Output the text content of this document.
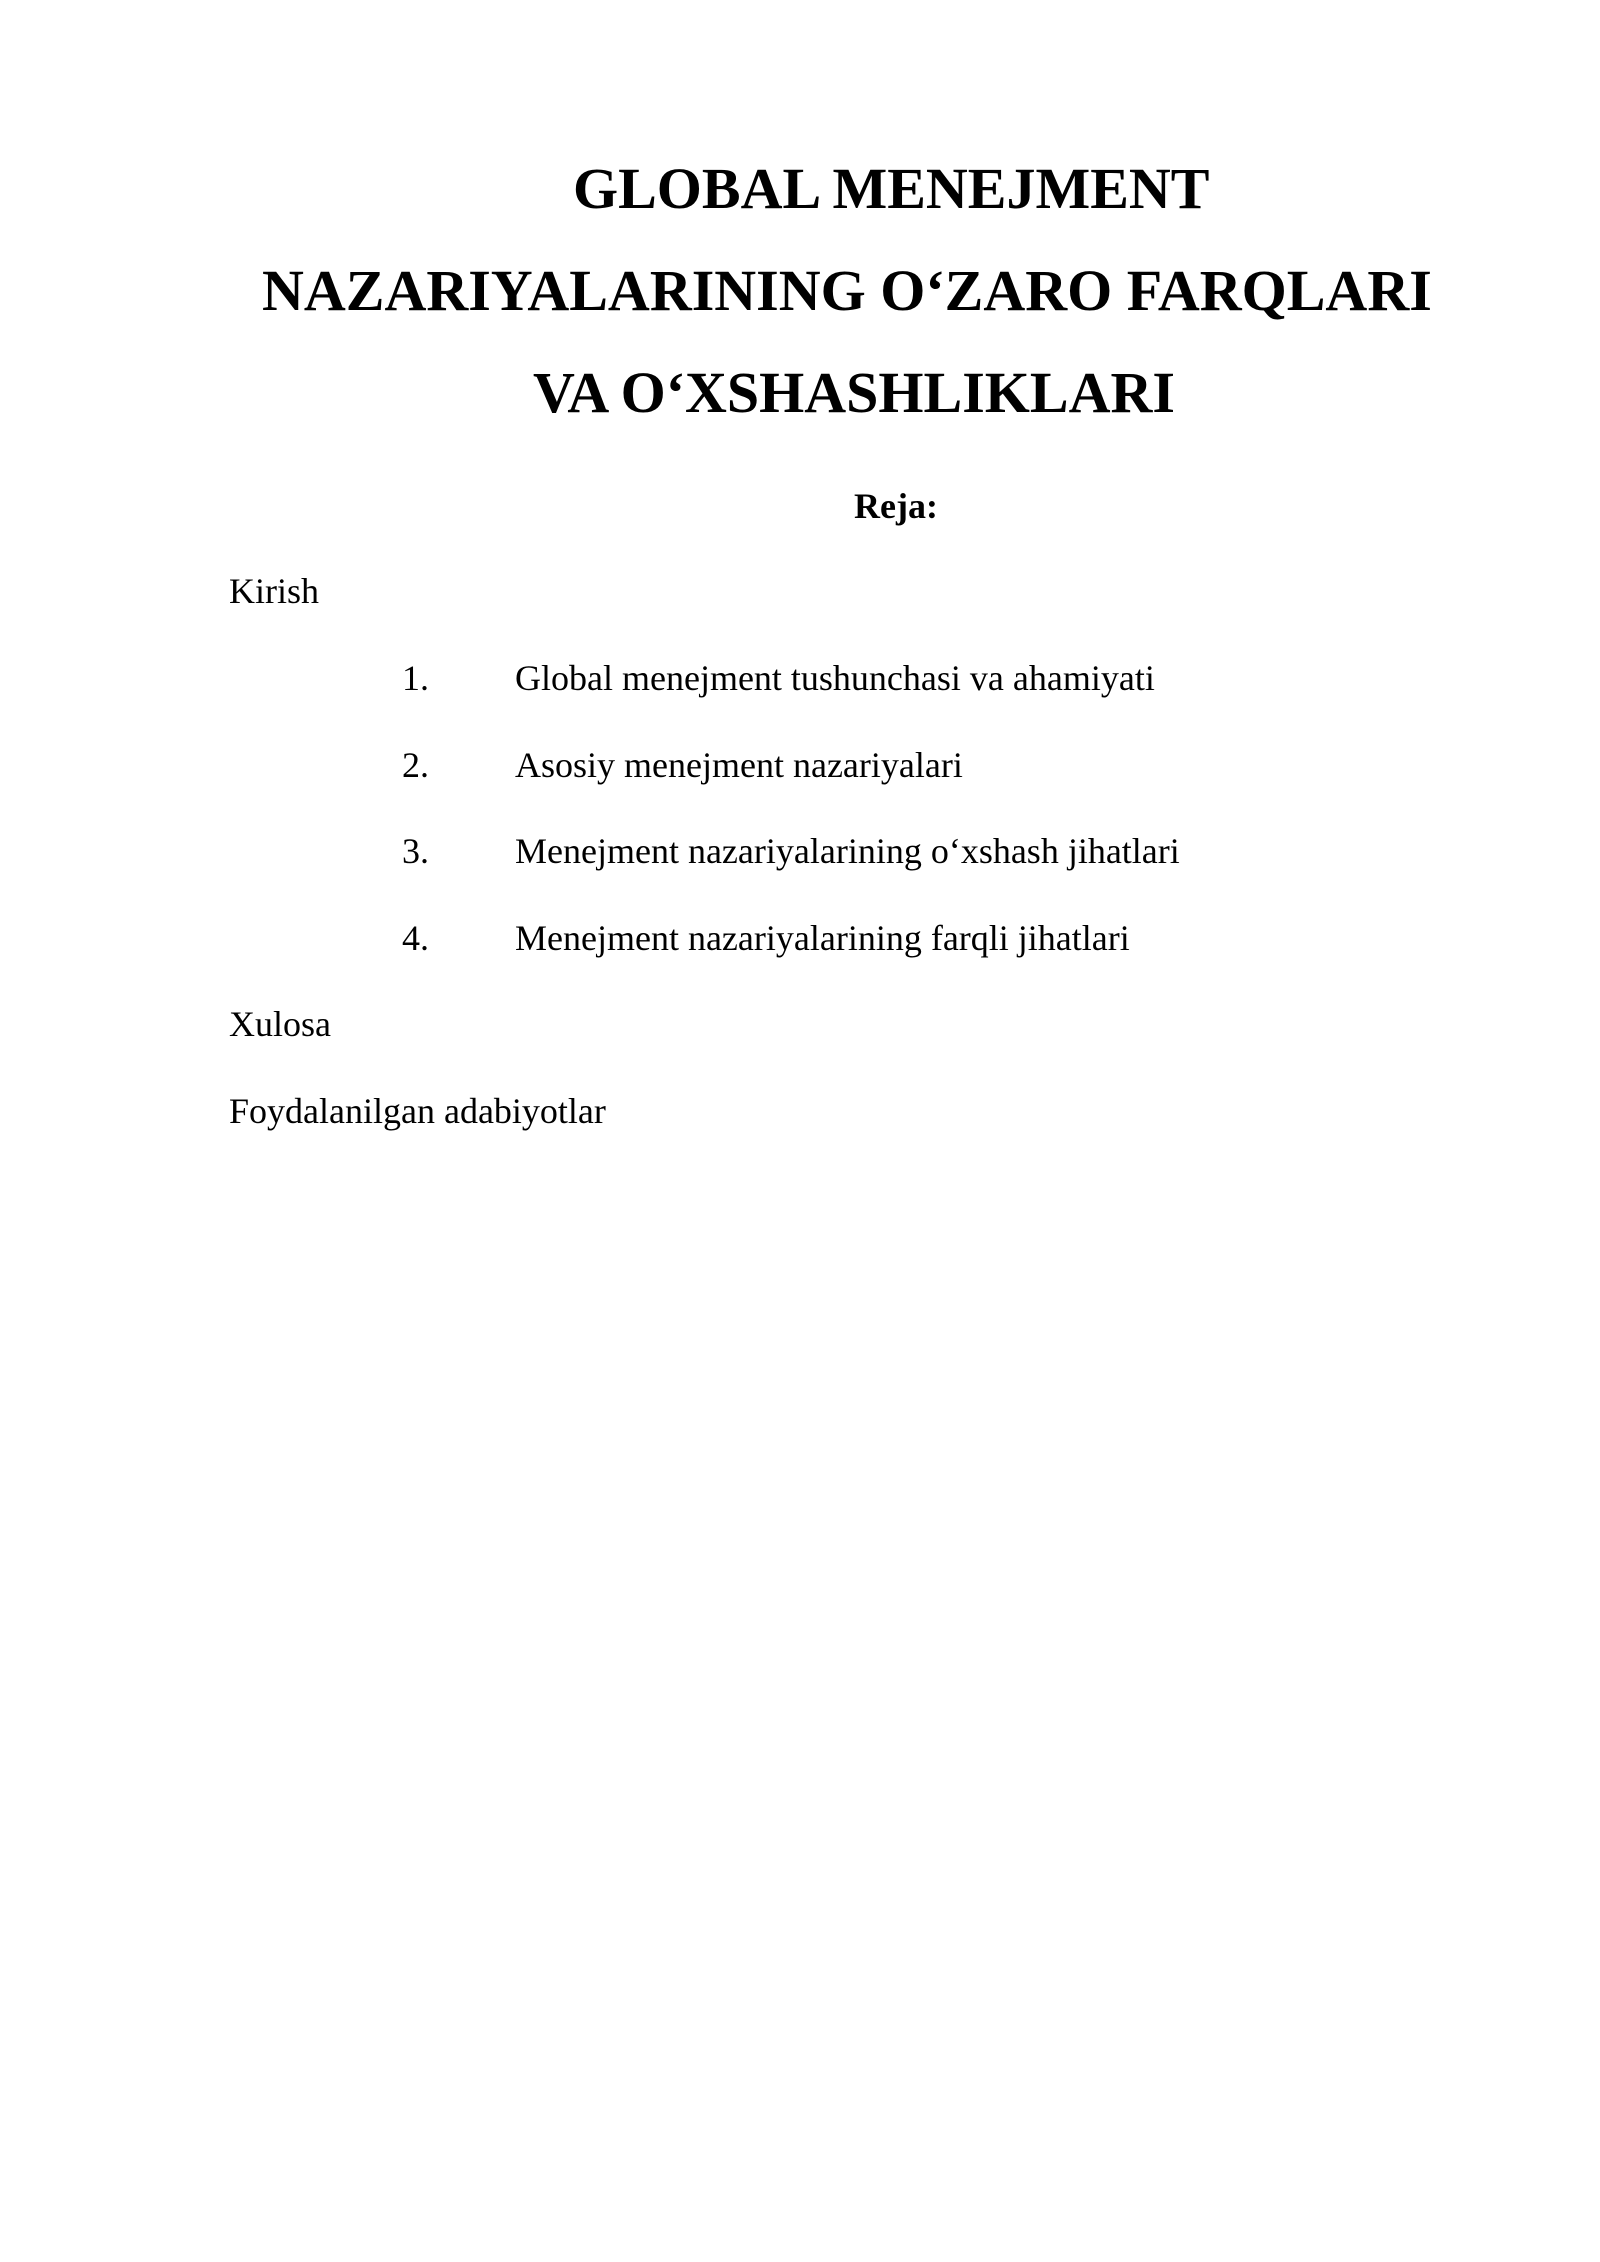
GLOBAL MENEJMENT
NAZARIYALARINING O‘ZARO FARQLARI
VA O‘XSHASHLIKLARI
Reja:
Kirish
1. Global menejment tushunchasi va ahamiyati
2. Asosiy menejment nazariyalari
3. Menejment nazariyalarining o‘xshash jihatlari
4. Menejment nazariyalarining farqli jihatlari
Xulosa
Foydalanilgan adabiyotlar
